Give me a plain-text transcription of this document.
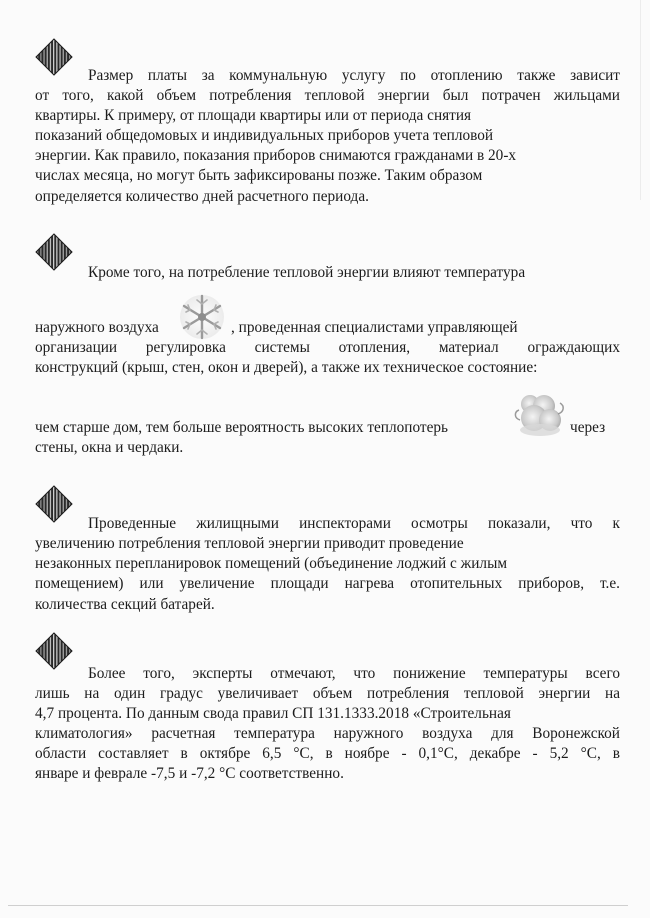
Размер платы за коммунальную услугу по отоплению также зависит
от того, какой объем потребления тепловой энергии был потрачен жильцами
квартиры. К примеру, от площади квартиры или от периода снятия
показаний общедомовых и индивидуальных приборов учета тепловой
энергии. Как правило, показания приборов снимаются гражданами в 20-х
числах месяца, но могут быть зафиксированы позже. Таким образом
определяется количество дней расчетного периода.
Кроме того, на потребление тепловой энергии влияют температура
наружного воздуха	, проведенная специалистами управляющей
организации регулировка системы отопления, материал ограждающих
конструкций (крыш, стен, окон и дверей), а также их техническое состояние:
чем старше дом, тем больше вероятность высоких теплопотерь	через
стены, окна и чердаки.
Проведенные жилищными инспекторами осмотры показали, что к
увеличению потребления тепловой энергии приводит проведение
незаконных перепланировок помещений (объединение лоджий с жилым
помещением) или увеличение площади нагрева отопительных приборов, т.е.
количества секций батарей.
Более того, эксперты отмечают, что понижение температуры всего
лишь на один градус увеличивает объем потребления тепловой энергии на
4,7 процента. По данным свода правил СП 131.1333.2018 «Строительная
климатология» расчетная температура наружного воздуха для Воронежской
области составляет в октябре 6,5 °С, в ноябре - 0,1°С, декабре - 5,2 °С, в
январе и феврале -7,5 и -7,2 °С соответственно.
